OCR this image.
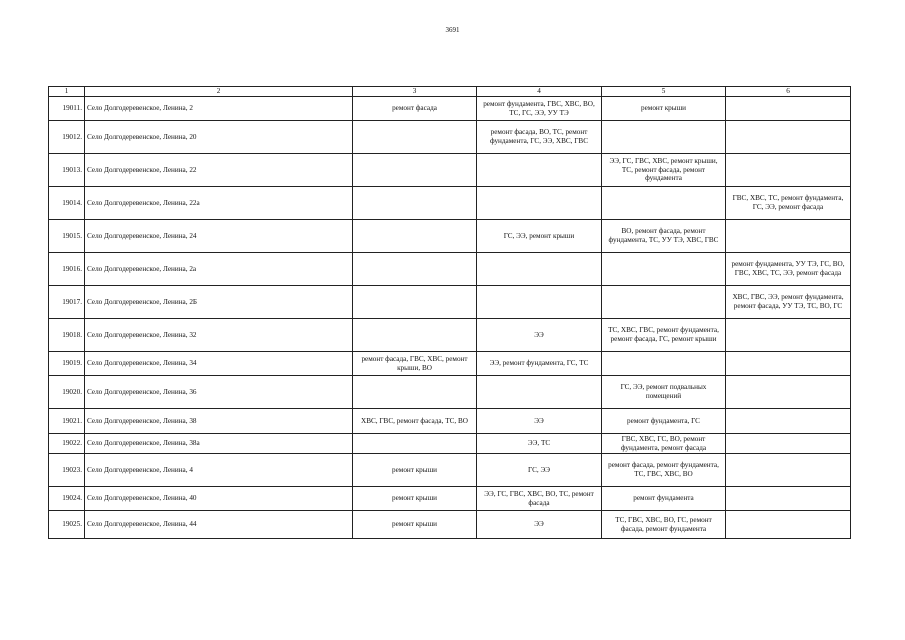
3691
1	2	3	4	5	6
19011.	Село Долгодеревенское, Ленина, 2	ремонт фасада	ремонт фундамента, ГВС, ХВС, ВО, ТС, ГС, ЭЭ, УУ ТЭ	ремонт крыши	
19012.	Село Долгодеревенское, Ленина, 20		ремонт фасада, ВО, ТС, ремонт фундамента, ГС, ЭЭ, ХВС, ГВС		
19013.	Село Долгодеревенское, Ленина, 22			ЭЭ, ГС, ГВС, ХВС, ремонт крыши, ТС, ремонт фасада, ремонт фундамента	
19014.	Село Долгодеревенское, Ленина, 22а				ГВС, ХВС, ТС, ремонт фундамента, ГС, ЭЭ, ремонт фасада
19015.	Село Долгодеревенское, Ленина, 24		ГС, ЭЭ, ремонт крыши	ВО, ремонт фасада, ремонт фундамента, ТС, УУ ТЭ, ХВС, ГВС	
19016.	Село Долгодеревенское, Ленина, 2а				ремонт фундамента, УУ ТЭ, ГС, ВО, ГВС, ХВС, ТС, ЭЭ, ремонт фасада
19017.	Село Долгодеревенское, Ленина, 2Б				ХВС, ГВС, ЭЭ, ремонт фундамента, ремонт фасада, УУ ТЭ, ТС, ВО, ГС
19018.	Село Долгодеревенское, Ленина, 32		ЭЭ	ТС, ХВС, ГВС, ремонт фундамента, ремонт фасада, ГС, ремонт крыши	
19019.	Село Долгодеревенское, Ленина, 34	ремонт фасада, ГВС, ХВС, ремонт крыши, ВО	ЭЭ, ремонт фундамента, ГС, ТС		
19020.	Село Долгодеревенское, Ленина, 36			ГС, ЭЭ, ремонт подвальных помещений	
19021.	Село Долгодеревенское, Ленина, 38	ХВС, ГВС, ремонт фасада, ТС, ВО	ЭЭ	ремонт фундамента, ГС	
19022.	Село Долгодеревенское, Ленина, 38а		ЭЭ, ТС	ГВС, ХВС, ГС, ВО, ремонт фундамента, ремонт фасада	
19023.	Село Долгодеревенское, Ленина, 4	ремонт крыши	ГС, ЭЭ	ремонт фасада, ремонт фундамента, ТС, ГВС, ХВС, ВО	
19024.	Село Долгодеревенское, Ленина, 40	ремонт крыши	ЭЭ, ГС, ГВС, ХВС, ВО, ТС, ремонт фасада	ремонт фундамента	
19025.	Село Долгодеревенское, Ленина, 44	ремонт крыши	ЭЭ	ТС, ГВС, ХВС, ВО, ГС, ремонт фасада, ремонт фундамента	
